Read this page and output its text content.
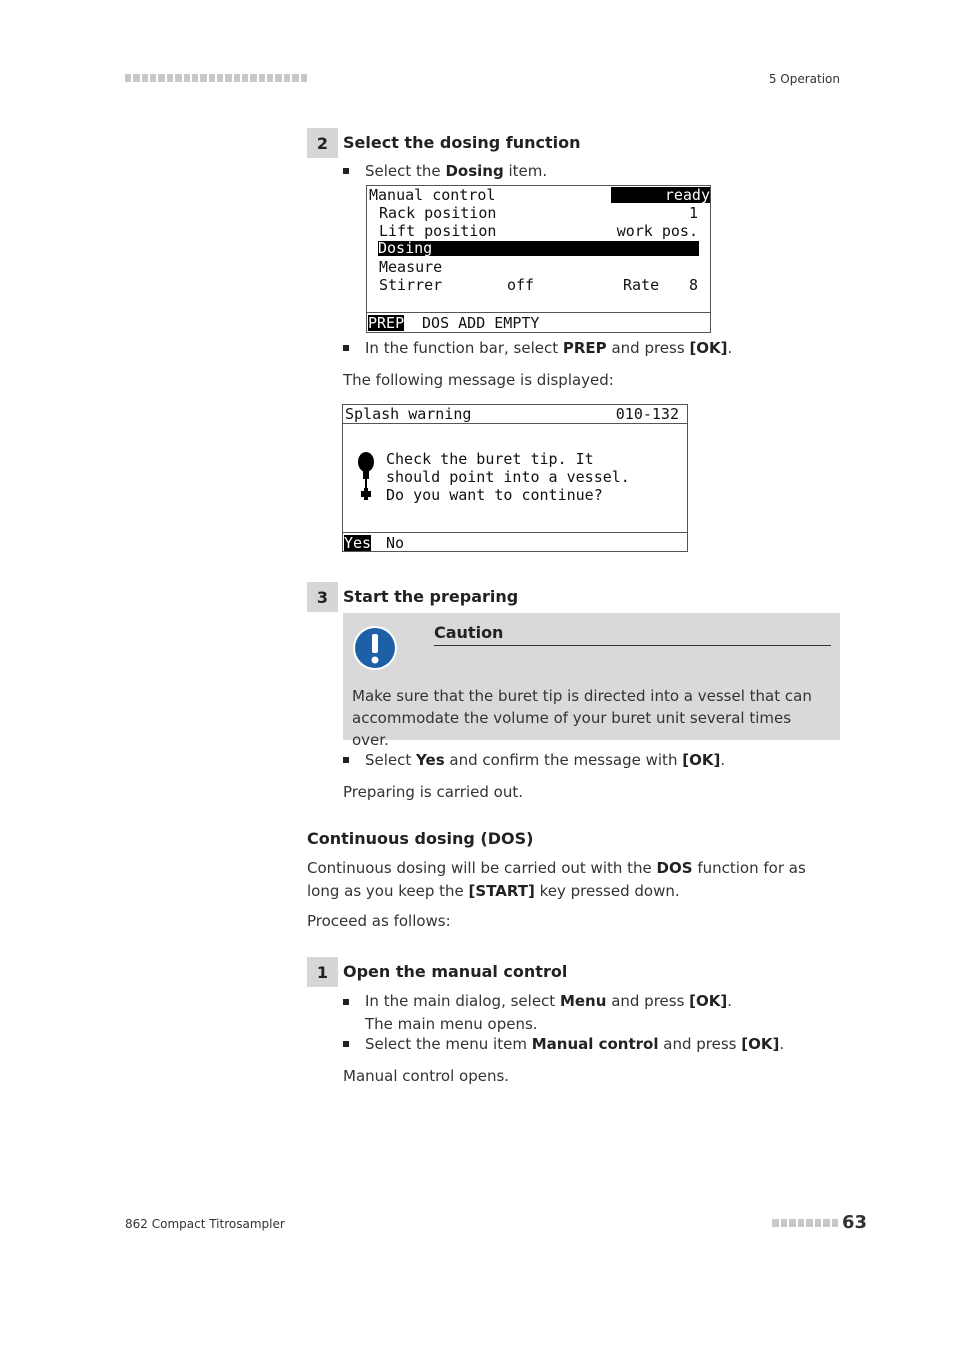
5 Operation
2 Select the dosing function
Select the Dosing item.
Manual control	ready
Rack position	1
Lift position	work pos.
Dosing
Measure
Stirrer	off	Rate 8
PREP DOS ADD EMPTY
In the function bar, select PREP and press [OK].
The following message is displayed:
Splash warning	010-132
Check the buret tip. It
should point into a vessel.
Do you want to continue?
Yes No
3 Start the preparing
Caution
Make sure that the buret tip is directed into a vessel that can accommodate the volume of your buret unit several times over.
Select Yes and confirm the message with [OK].
Preparing is carried out.
Continuous dosing (DOS)
Continuous dosing will be carried out with the DOS function for as long as you keep the [START] key pressed down.
Proceed as follows:
1 Open the manual control
In the main dialog, select Menu and press [OK].
The main menu opens.
Select the menu item Manual control and press [OK].
Manual control opens.
862 Compact Titrosampler	63
